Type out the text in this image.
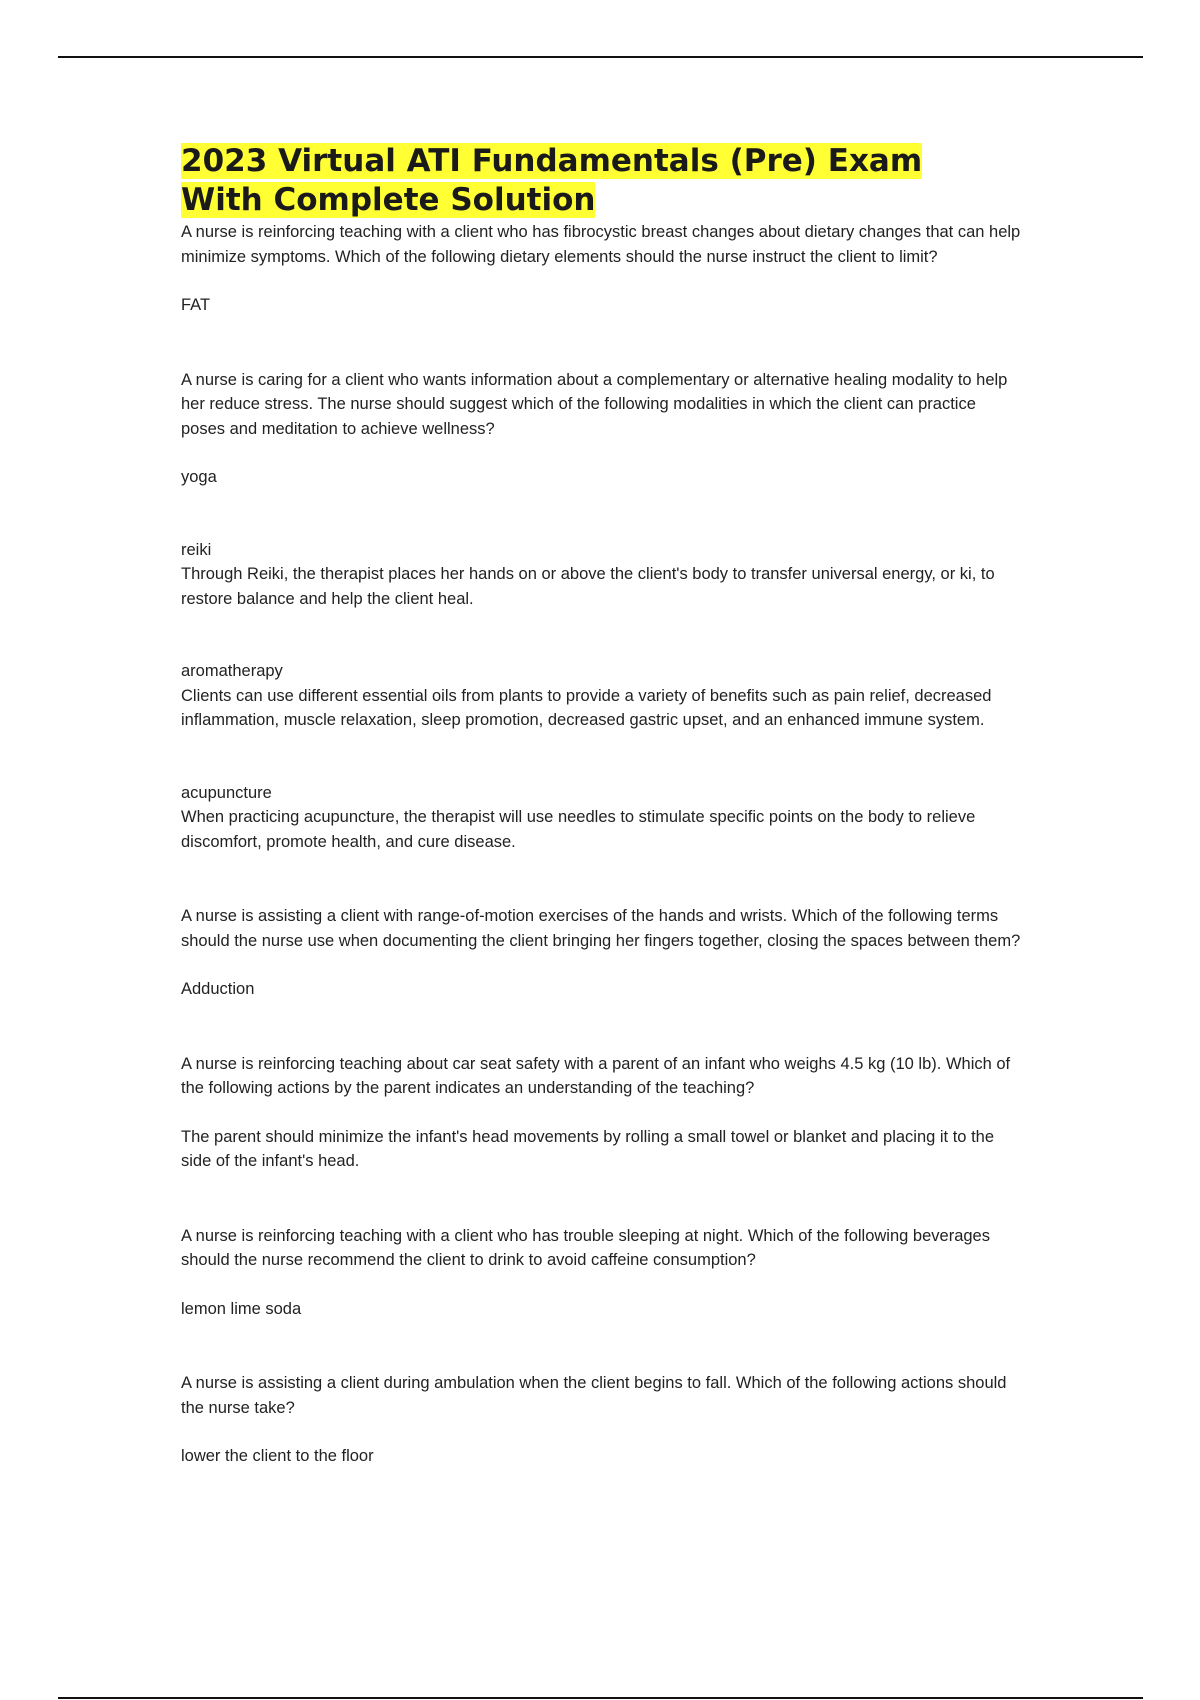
2023 Virtual ATI Fundamentals (Pre) Exam
With Complete Solution

A nurse is reinforcing teaching with a client who has fibrocystic breast changes about dietary changes that can help minimize symptoms. Which of the following dietary elements should the nurse instruct the client to limit?

FAT

A nurse is caring for a client who wants information about a complementary or alternative healing modality to help her reduce stress. The nurse should suggest which of the following modalities in which the client can practice poses and meditation to achieve wellness?

yoga

reiki

Through Reiki, the therapist places her hands on or above the client's body to transfer universal energy, or ki, to restore balance and help the client heal.

aromatherapy

Clients can use different essential oils from plants to provide a variety of benefits such as pain relief, decreased inflammation, muscle relaxation, sleep promotion, decreased gastric upset, and an enhanced immune system.

acupuncture

When practicing acupuncture, the therapist will use needles to stimulate specific points on the body to relieve discomfort, promote health, and cure disease.

A nurse is assisting a client with range-of-motion exercises of the hands and wrists. Which of the following terms should the nurse use when documenting the client bringing her fingers together, closing the spaces between them?

Adduction

A nurse is reinforcing teaching about car seat safety with a parent of an infant who weighs 4.5 kg (10 lb). Which of the following actions by the parent indicates an understanding of the teaching?

The parent should minimize the infant's head movements by rolling a small towel or blanket and placing it to the side of the infant's head.

A nurse is reinforcing teaching with a client who has trouble sleeping at night. Which of the following beverages should the nurse recommend the client to drink to avoid caffeine consumption?

lemon lime soda

A nurse is assisting a client during ambulation when the client begins to fall. Which of the following actions should the nurse take?

lower the client to the floor
